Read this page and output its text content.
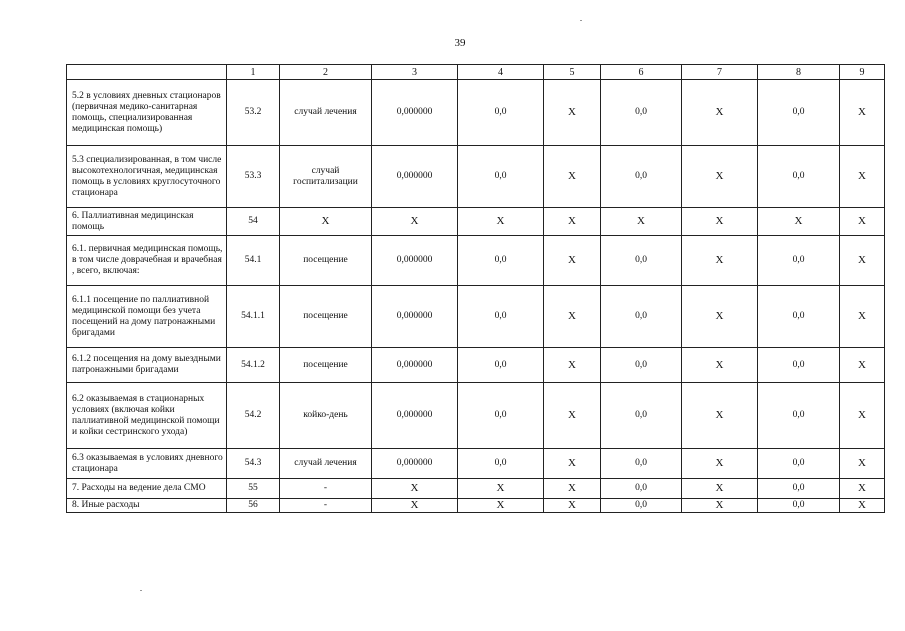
39
	1	2	3	4	5	6	7	8	9
5.2 в условиях дневных стационаров (первичная медико-санитарная помощь, специализированная медицинская помощь)	53.2	случай лечения	0,000000	0,0	X	0,0	X	0,0	X
5.3 специализированная, в том числе высокотехнологичная, медицинская помощь в условиях круглосуточного стационара	53.3	случай госпитализации	0,000000	0,0	X	0,0	X	0,0	X
6. Паллиативная медицинская помощь	54	X	X	X	X	X	X	X	X
6.1. первичная медицинская помощь, в том числе доврачебная и врачебная , всего, включая:	54.1	посещение	0,000000	0,0	X	0,0	X	0,0	X
6.1.1 посещение по паллиативной медицинской помощи без учета посещений на дому патронажными бригадами	54.1.1	посещение	0,000000	0,0	X	0,0	X	0,0	X
6.1.2 посещения на дому выездными патронажными бригадами	54.1.2	посещение	0,000000	0,0	X	0,0	X	0,0	X
6.2 оказываемая в стационарных условиях (включая койки паллиативной медицинской помощи и койки сестринского ухода)	54.2	койко-день	0,000000	0,0	X	0,0	X	0,0	X
6.3 оказываемая в условиях дневного стационара	54.3	случай лечения	0,000000	0,0	X	0,0	X	0,0	X
7. Расходы на ведение дела СМО	55	-	X	X	X	0,0	X	0,0	X
8. Иные расходы	56	-	X	X	X	0,0	X	0,0	X
